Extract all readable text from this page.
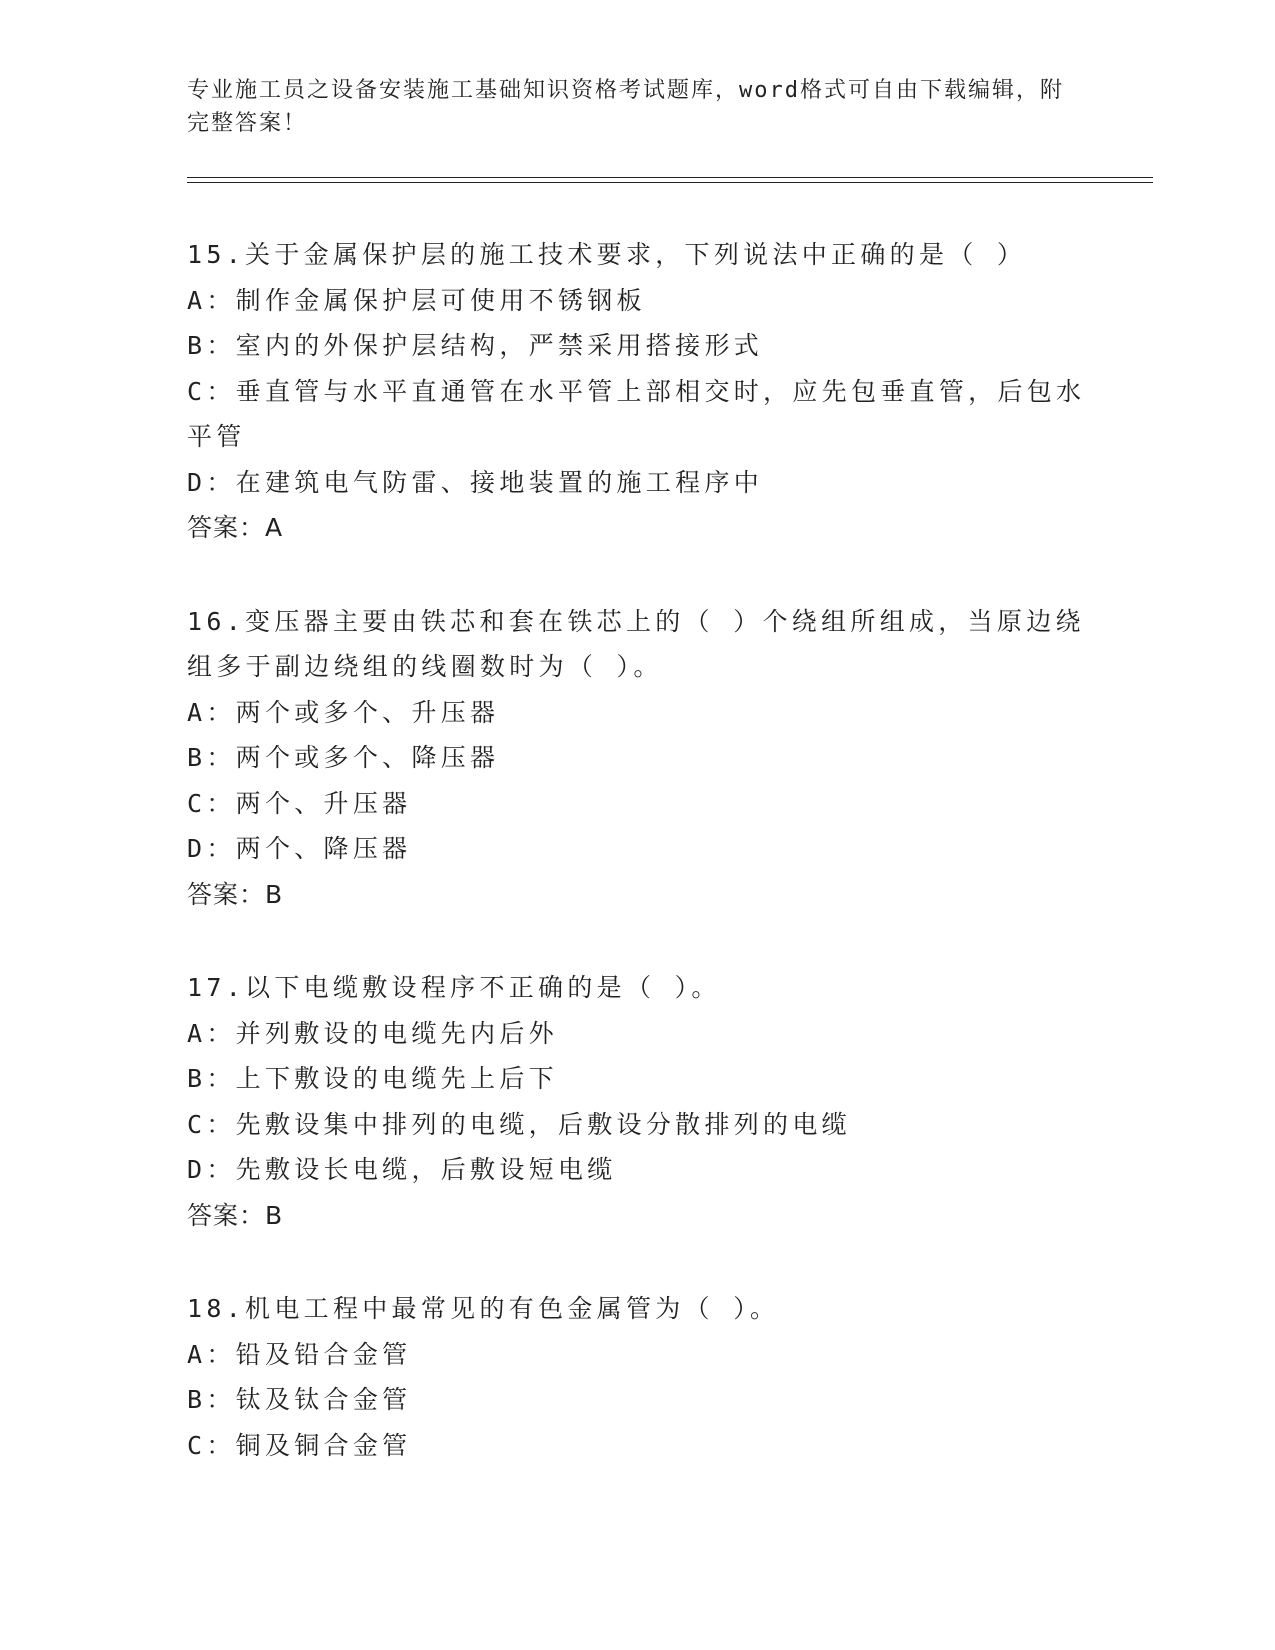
专业施工员之设备安装施工基础知识资格考试题库，word格式可自由下载编辑，附完整答案！
15.关于金属保护层的施工技术要求，下列说法中正确的是（ ）
A：制作金属保护层可使用不锈钢板
B：室内的外保护层结构，严禁采用搭接形式
C：垂直管与水平直通管在水平管上部相交时，应先包垂直管，后包水平管
D：在建筑电气防雷、接地装置的施工程序中
答案：A
16.变压器主要由铁芯和套在铁芯上的（ ）个绕组所组成，当原边绕组多于副边绕组的线圈数时为（ ）。
A：两个或多个、升压器
B：两个或多个、降压器
C：两个、升压器
D：两个、降压器
答案：B
17.以下电缆敷设程序不正确的是（ ）。
A：并列敷设的电缆先内后外
B：上下敷设的电缆先上后下
C：先敷设集中排列的电缆，后敷设分散排列的电缆
D：先敷设长电缆，后敷设短电缆
答案：B
18.机电工程中最常见的有色金属管为（ ）。
A：铅及铅合金管
B：钛及钛合金管
C：铜及铜合金管
